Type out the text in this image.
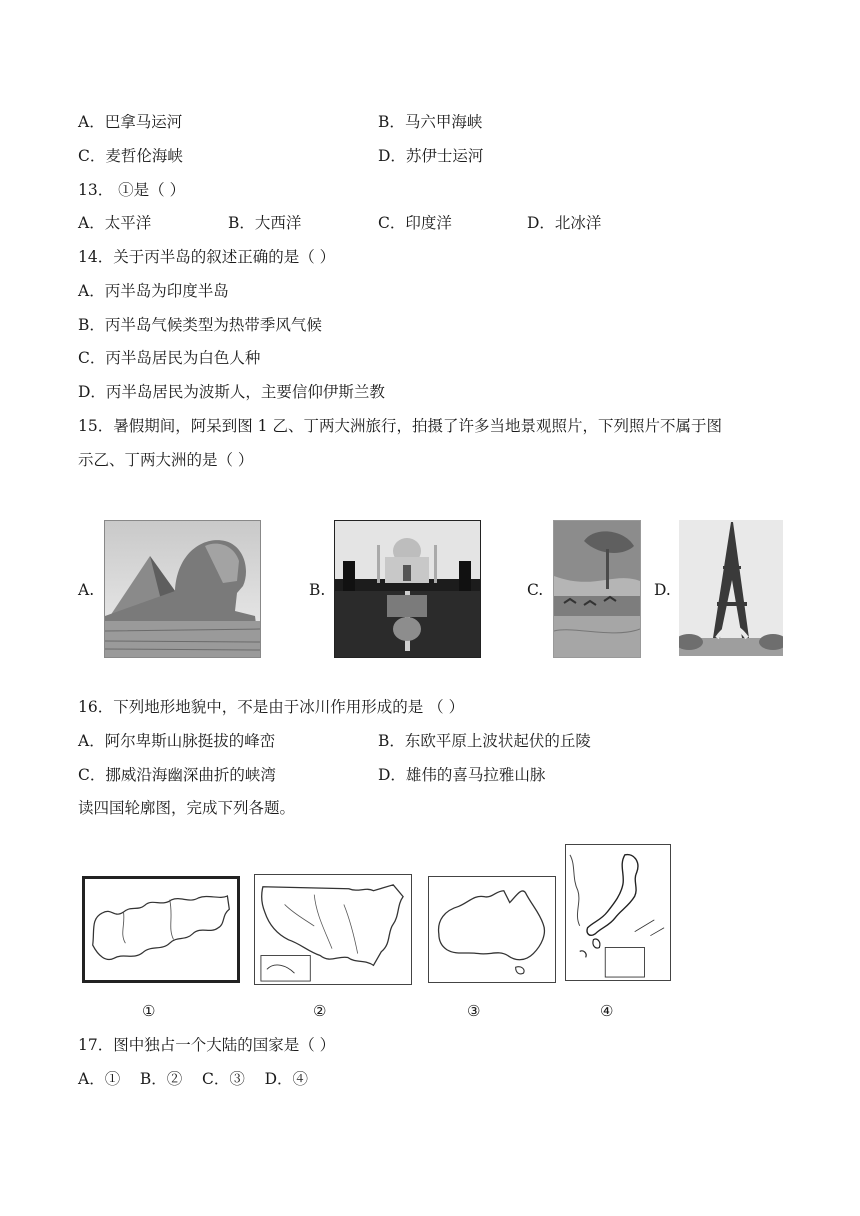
A．巴拿马运河	B．马六甲海峡
C．麦哲伦海峡	D．苏伊士运河
13． ①是（ ）
A．太平洋	B．大西洋	C．印度洋	D．北冰洋
14．关于丙半岛的叙述正确的是（ ）
A．丙半岛为印度半岛
B．丙半岛气候类型为热带季风气候
C．丙半岛居民为白色人种
D．丙半岛居民为波斯人，主要信仰伊斯兰教
15．暑假期间，阿呆到图 1 乙、丁两大洲旅行，拍摄了许多当地景观照片，下列照片不属于图
示乙、丁两大洲的是（ ）
A.	B.	C.	D.
16．下列地形地貌中，不是由于冰川作用形成的是 （ ）
A．阿尔卑斯山脉挺拔的峰峦	B．东欧平原上波状起伏的丘陵
C．挪威沿海幽深曲折的峡湾	D．雄伟的喜马拉雅山脉
读四国轮廓图，完成下列各题。
①	②	③	④
17．图中独占一个大陆的国家是（ ）
A．①    B．②    C．③    D．④
